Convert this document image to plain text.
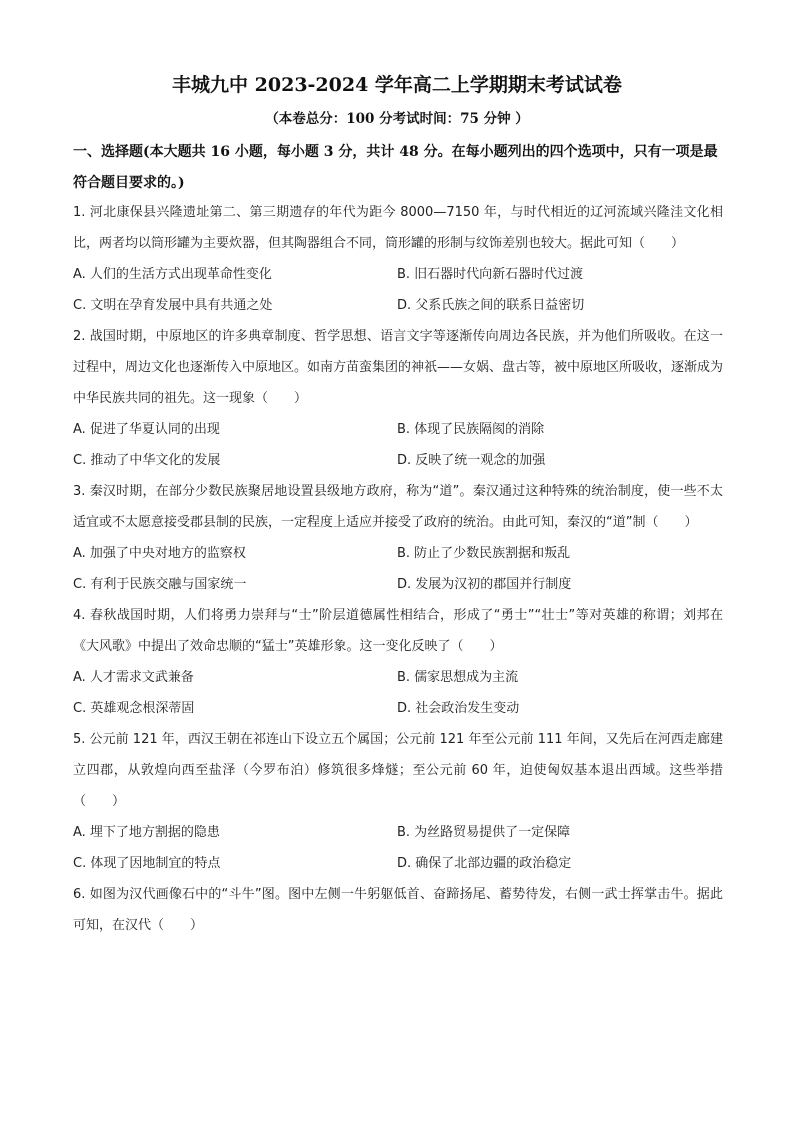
丰城九中 2023-2024 学年高二上学期期末考试试卷
（本卷总分：100 分考试时间：75 分钟 ）
一、选择题(本大题共 16 小题，每小题 3 分，共计 48 分。在每小题列出的四个选项中，只有一项是最符合题目要求的。)

1. 河北康保县兴隆遗址第二、第三期遗存的年代为距今 8000—7150 年，与时代相近的辽河流域兴隆洼文化相比，两者均以筒形罐为主要炊器，但其陶器组合不同，筒形罐的形制与纹饰差别也较大。据此可知（　　）

A. 人们的生活方式出现革命性变化	B. 旧石器时代向新石器时代过渡
C. 文明在孕育发展中具有共通之处	D. 父系氏族之间的联系日益密切

2. 战国时期，中原地区的许多典章制度、哲学思想、语言文字等逐渐传向周边各民族，并为他们所吸收。在这一过程中，周边文化也逐渐传入中原地区。如南方苗蛮集团的神祇——女娲、盘古等，被中原地区所吸收，逐渐成为中华民族共同的祖先。这一现象（　　）

A. 促进了华夏认同的出现	B. 体现了民族隔阂的消除
C. 推动了中华文化的发展	D. 反映了统一观念的加强

3. 秦汉时期，在部分少数民族聚居地设置县级地方政府，称为“道”。秦汉通过这种特殊的统治制度，使一些不太适宜或不太愿意接受郡县制的民族，一定程度上适应并接受了政府的统治。由此可知，秦汉的“道”制（　　）

A. 加强了中央对地方的监察权	B. 防止了少数民族割据和叛乱
C. 有利于民族交融与国家统一	D. 发展为汉初的郡国并行制度

4. 春秋战国时期，人们将勇力崇拜与“士”阶层道德属性相结合，形成了“勇士”“壮士”等对英雄的称谓；刘邦在《大风歌》中提出了效命忠顺的“猛士”英雄形象。这一变化反映了（　　）

A. 人才需求文武兼备	B. 儒家思想成为主流
C. 英雄观念根深蒂固	D. 社会政治发生变动

5. 公元前 121 年，西汉王朝在祁连山下设立五个属国；公元前 121 年至公元前 111 年间，又先后在河西走廊建立四郡，从敦煌向西至盐泽（今罗布泊）修筑很多烽燧；至公元前 60 年，迫使匈奴基本退出西域。这些举措（　　）

A. 埋下了地方割据的隐患	B. 为丝路贸易提供了一定保障
C. 体现了因地制宜的特点	D. 确保了北部边疆的政治稳定

6. 如图为汉代画像石中的“斗牛”图。图中左侧一牛躬躯低首、奋蹄扬尾、蓄势待发，右侧一武士挥掌击牛。据此可知，在汉代（　　）
